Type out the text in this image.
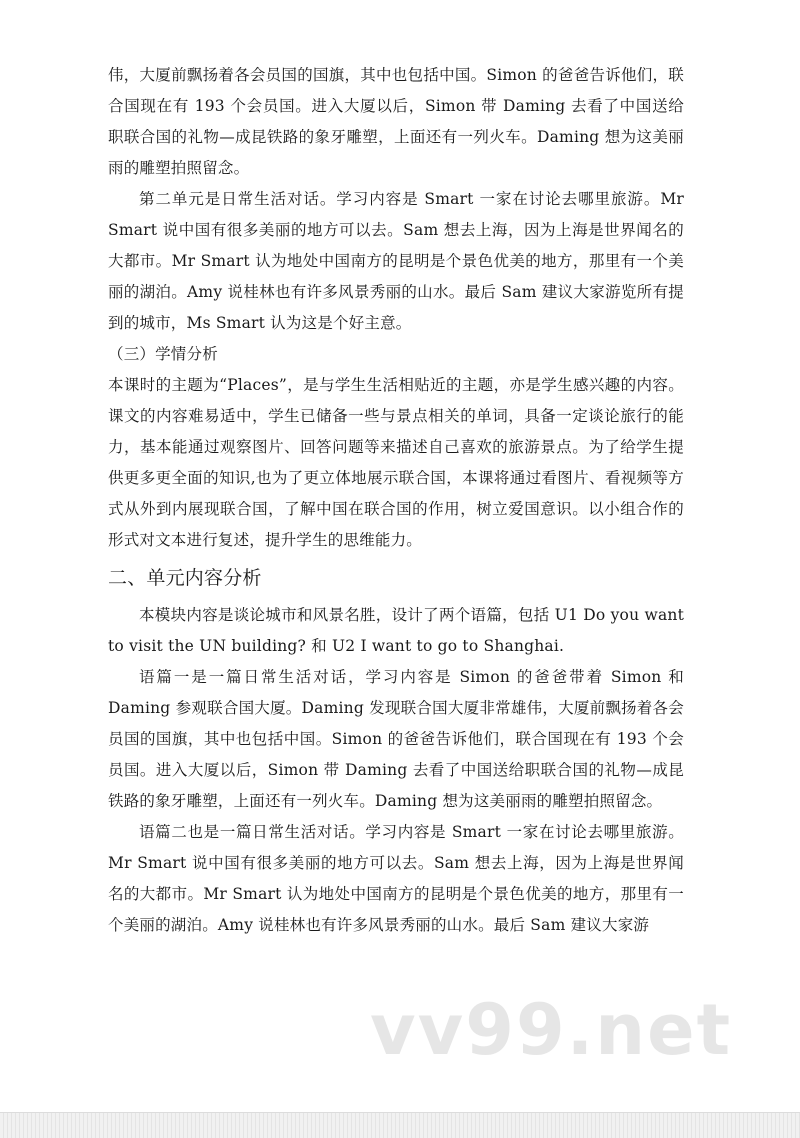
伟，大厦前飘扬着各会员国的国旗，其中也包括中国。Simon 的爸爸告诉他们，联合国现在有 193 个会员国。进入大厦以后，Simon 带 Daming 去看了中国送给职联合国的礼物—成昆铁路的象牙雕塑，上面还有一列火车。Daming 想为这美丽雨的雕塑拍照留念。

第二单元是日常生活对话。学习内容是 Smart 一家在讨论去哪里旅游。Mr Smart 说中国有很多美丽的地方可以去。Sam 想去上海，因为上海是世界闻名的大都市。Mr Smart 认为地处中国南方的昆明是个景色优美的地方，那里有一个美丽的湖泊。Amy 说桂林也有许多风景秀丽的山水。最后 Sam 建议大家游览所有提到的城市，Ms Smart 认为这是个好主意。

（三）学情分析

本课时的主题为“Places”，是与学生生活相贴近的主题，亦是学生感兴趣的内容。课文的内容难易适中，学生已储备一些与景点相关的单词，具备一定谈论旅行的能力，基本能通过观察图片、回答问题等来描述自己喜欢的旅游景点。为了给学生提供更多更全面的知识,也为了更立体地展示联合国，本课将通过看图片、看视频等方式从外到内展现联合国，了解中国在联合国的作用，树立爱国意识。以小组合作的形式对文本进行复述，提升学生的思维能力。

二、单元内容分析

本模块内容是谈论城市和风景名胜，设计了两个语篇，包括 U1 Do you want to visit the UN building? 和 U2 I want to go to Shanghai.

语篇一是一篇日常生活对话，学习内容是 Simon 的爸爸带着 Simon 和 Daming 参观联合国大厦。Daming 发现联合国大厦非常雄伟，大厦前飘扬着各会员国的国旗，其中也包括中国。Simon 的爸爸告诉他们，联合国现在有 193 个会员国。进入大厦以后，Simon 带 Daming 去看了中国送给职联合国的礼物—成昆铁路的象牙雕塑，上面还有一列火车。Daming 想为这美丽雨的雕塑拍照留念。

语篇二也是一篇日常生活对话。学习内容是 Smart 一家在讨论去哪里旅游。Mr Smart 说中国有很多美丽的地方可以去。Sam 想去上海，因为上海是世界闻名的大都市。Mr Smart 认为地处中国南方的昆明是个景色优美的地方，那里有一个美丽的湖泊。Amy 说桂林也有许多风景秀丽的山水。最后 Sam 建议大家游

vv99.net
